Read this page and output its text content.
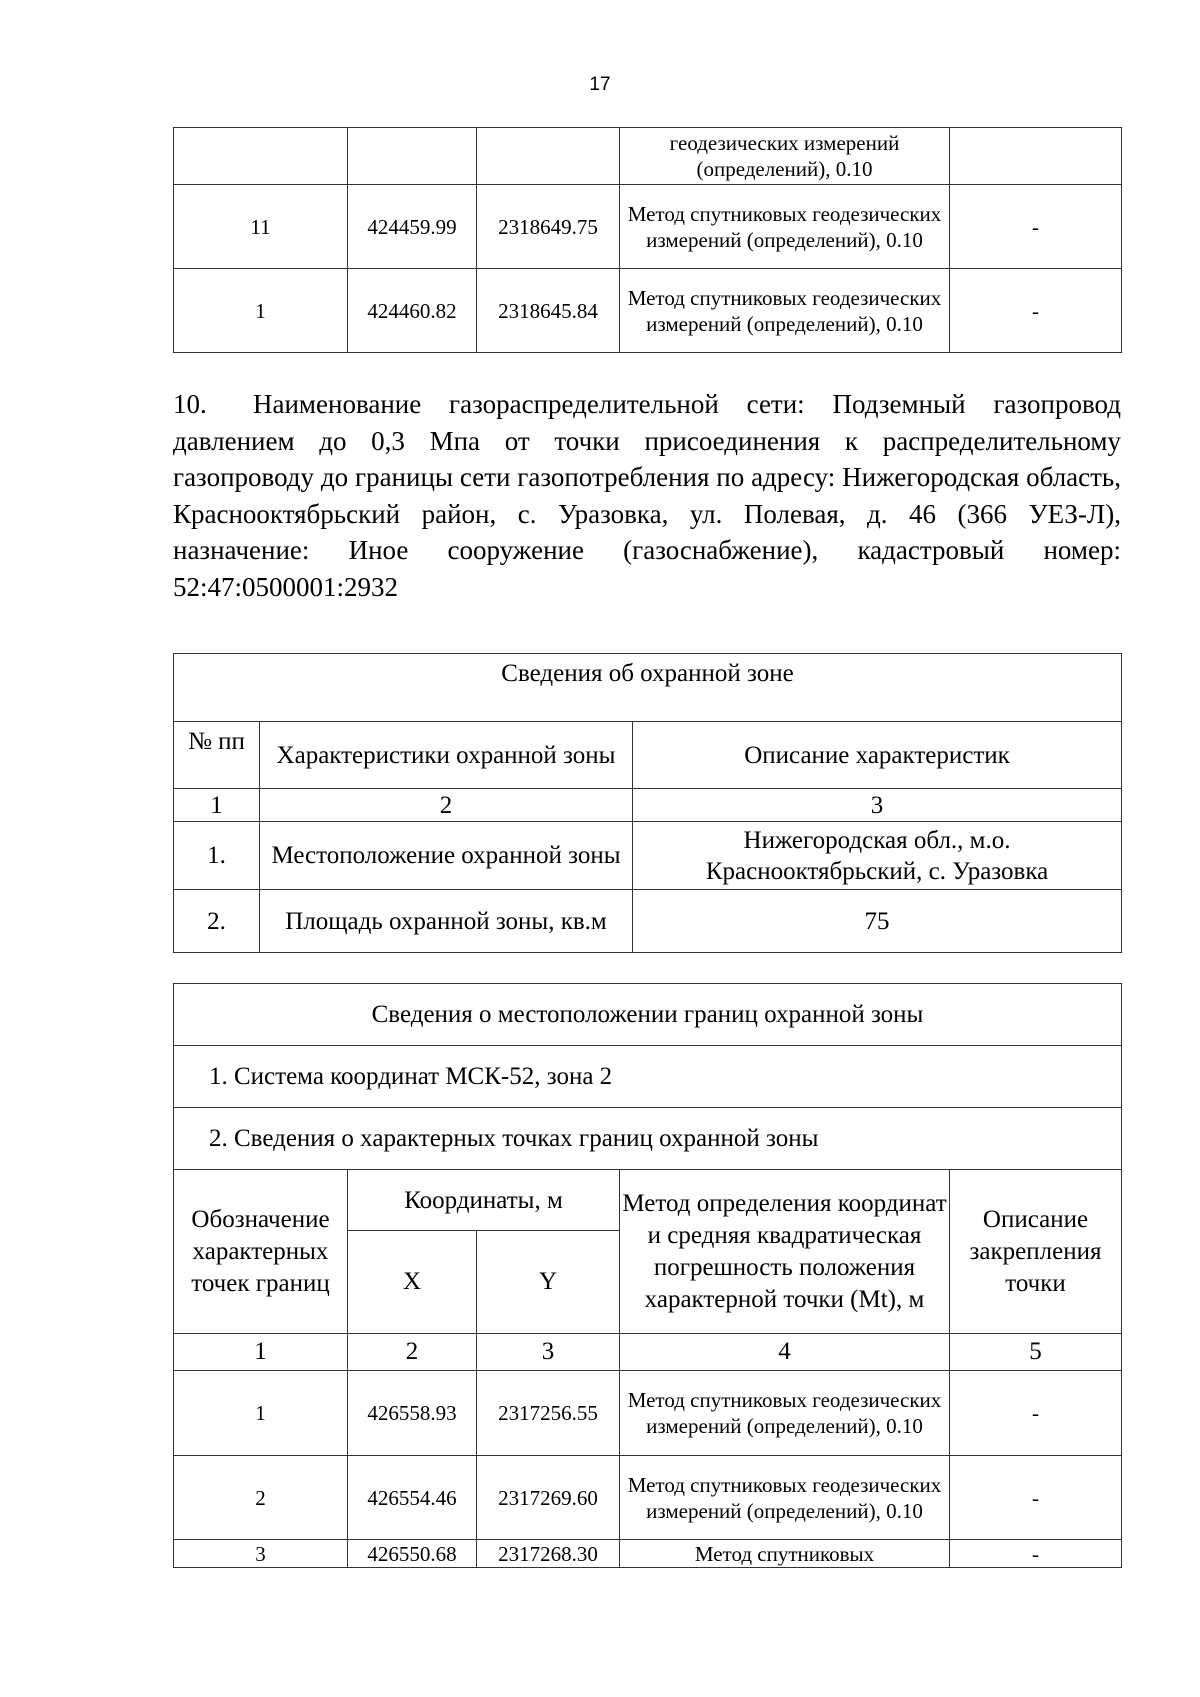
17
			геодезических измерений (определений), 0.10	
11	424459.99	2318649.75	Метод спутниковых геодезических измерений (определений), 0.10	-
1	424460.82	2318645.84	Метод спутниковых геодезических измерений (определений), 0.10	-
10. Наименование газораспределительной сети: Подземный газопровод давлением до 0,3 Мпа от точки присоединения к распределительному газопроводу до границы сети газопотребления по адресу: Нижегородская область, Краснооктябрьский район, с. Уразовка, ул. Полевая, д. 46 (366 УЕЗ-Л), назначение: Иное сооружение (газоснабжение), кадастровый номер: 52:47:0500001:2932
Сведения об охранной зоне		
№ пп	Характеристики охранной зоны	Описание характеристик
1	2	3
1.	Местоположение охранной зоны	Нижегородская обл., м.о. Краснооктябрьский, с. Уразовка
2.	Площадь охранной зоны, кв.м	75
Сведения о местоположении границ охранной зоны				
1. Система координат МСК-52, зона 2				
2. Сведения о характерных точках границ охранной зоны				
Обозначение характерных точек границ	Координаты, м		Метод определения координат и средняя квадратическая погрешность положения характерной точки (Mt), м	Описание закрепления точки
	X	Y		
1	2	3	4	5
1	426558.93	2317256.55	Метод спутниковых геодезических измерений (определений), 0.10	-
2	426554.46	2317269.60	Метод спутниковых геодезических измерений (определений), 0.10	-
3	426550.68	2317268.30	Метод спутниковых	-
